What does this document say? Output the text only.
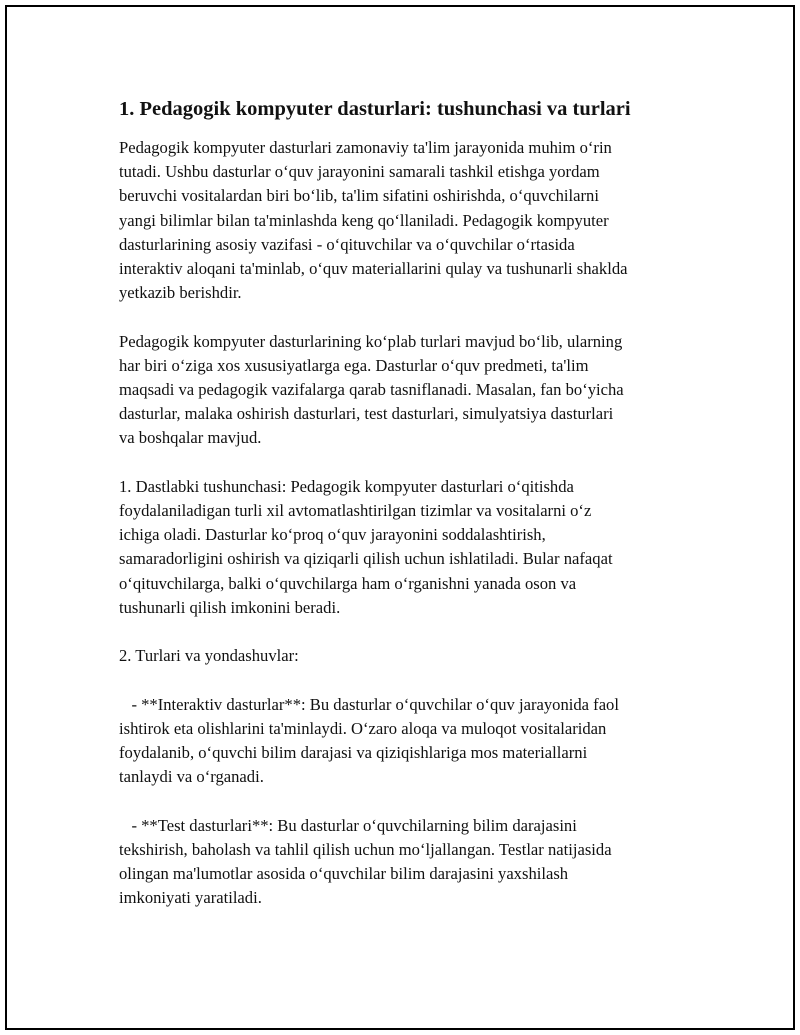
1. Pedagogik kompyuter dasturlari: tushunchasi va turlari

Pedagogik kompyuter dasturlari zamonaviy ta'lim jarayonida muhim o‘rin
tutadi. Ushbu dasturlar o‘quv jarayonini samarali tashkil etishga yordam
beruvchi vositalardan biri bo‘lib, ta'lim sifatini oshirishda, o‘quvchilarni
yangi bilimlar bilan ta'minlashda keng qo‘llaniladi. Pedagogik kompyuter
dasturlarining asosiy vazifasi - o‘qituvchilar va o‘quvchilar o‘rtasida
interaktiv aloqani ta'minlab, o‘quv materiallarini qulay va tushunarli shaklda
yetkazib berishdir.

Pedagogik kompyuter dasturlarining ko‘plab turlari mavjud bo‘lib, ularning
har biri o‘ziga xos xususiyatlarga ega. Dasturlar o‘quv predmeti, ta'lim
maqsadi va pedagogik vazifalarga qarab tasniflanadi. Masalan, fan bo‘yicha
dasturlar, malaka oshirish dasturlari, test dasturlari, simulyatsiya dasturlari
va boshqalar mavjud.

1. Dastlabki tushunchasi: Pedagogik kompyuter dasturlari o‘qitishda
foydalaniladigan turli xil avtomatlashtirilgan tizimlar va vositalarni o‘z
ichiga oladi. Dasturlar ko‘proq o‘quv jarayonini soddalashtirish,
samaradorligini oshirish va qiziqarli qilish uchun ishlatiladi. Bular nafaqat
o‘qituvchilarga, balki o‘quvchilarga ham o‘rganishni yanada oson va
tushunarli qilish imkonini beradi.

2. Turlari va yondashuvlar:

- **Interaktiv dasturlar**: Bu dasturlar o‘quvchilar o‘quv jarayonida faol
ishtirok eta olishlarini ta'minlaydi. O‘zaro aloqa va muloqot vositalaridan
foydalanib, o‘quvchi bilim darajasi va qiziqishlariga mos materiallarni
tanlaydi va o‘rganadi.

- **Test dasturlari**: Bu dasturlar o‘quvchilarning bilim darajasini
tekshirish, baholash va tahlil qilish uchun mo‘ljallangan. Testlar natijasida
olingan ma'lumotlar asosida o‘quvchilar bilim darajasini yaxshilash
imkoniyati yaratiladi.
